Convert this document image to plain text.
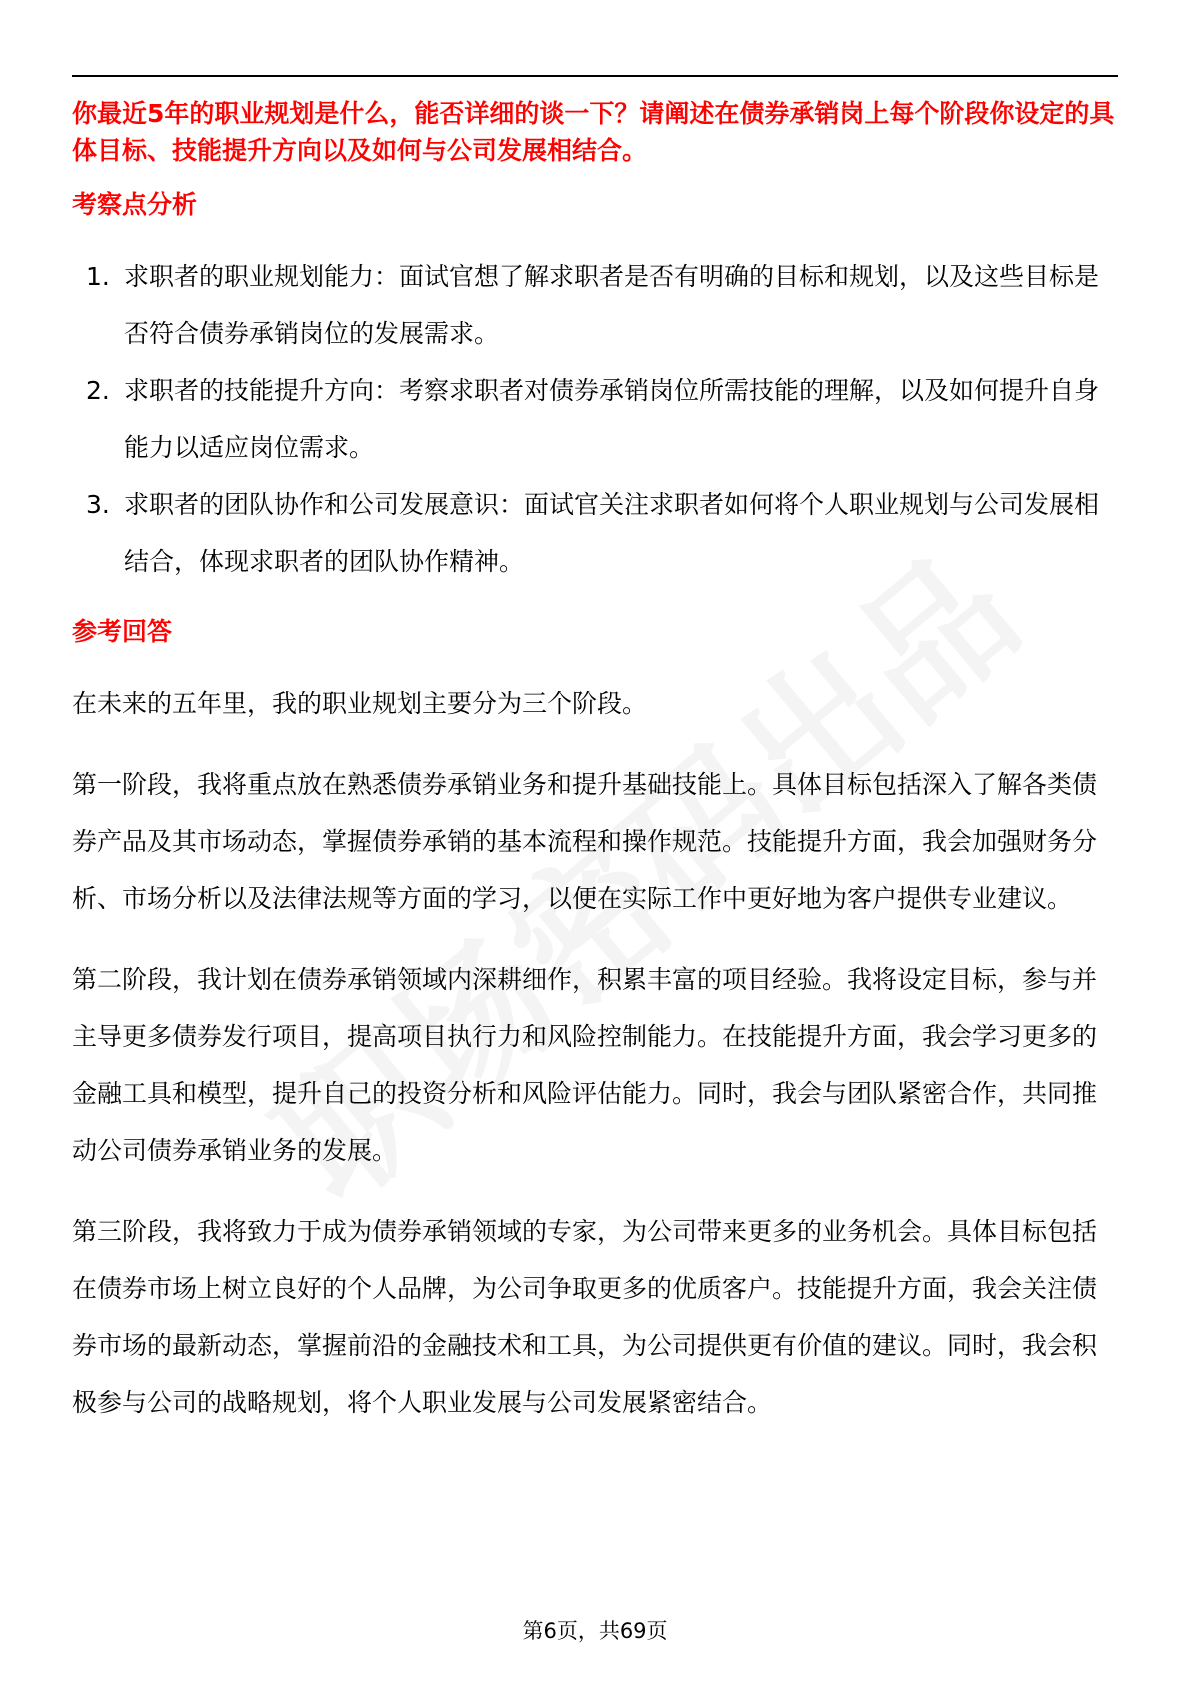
你最近5年的职业规划是什么，能否详细的谈一下？请阐述在债券承销岗上每个阶段你设定的具体目标、技能提升方向以及如何与公司发展相结合。

考察点分析

1. 求职者的职业规划能力：面试官想了解求职者是否有明确的目标和规划，以及这些目标是否符合债券承销岗位的发展需求。
2. 求职者的技能提升方向：考察求职者对债券承销岗位所需技能的理解，以及如何提升自身能力以适应岗位需求。
3. 求职者的团队协作和公司发展意识：面试官关注求职者如何将个人职业规划与公司发展相结合，体现求职者的团队协作精神。

参考回答

在未来的五年里，我的职业规划主要分为三个阶段。

第一阶段，我将重点放在熟悉债券承销业务和提升基础技能上。具体目标包括深入了解各类债券产品及其市场动态，掌握债券承销的基本流程和操作规范。技能提升方面，我会加强财务分析、市场分析以及法律法规等方面的学习，以便在实际工作中更好地为客户提供专业建议。

第二阶段，我计划在债券承销领域内深耕细作，积累丰富的项目经验。我将设定目标，参与并主导更多债券发行项目，提高项目执行力和风险控制能力。在技能提升方面，我会学习更多的金融工具和模型，提升自己的投资分析和风险评估能力。同时，我会与团队紧密合作，共同推动公司债券承销业务的发展。

第三阶段，我将致力于成为债券承销领域的专家，为公司带来更多的业务机会。具体目标包括在债券市场上树立良好的个人品牌，为公司争取更多的优质客户。技能提升方面，我会关注债券市场的最新动态，掌握前沿的金融技术和工具，为公司提供更有价值的建议。同时，我会积极参与公司的战略规划，将个人职业发展与公司发展紧密结合。

第6页，共69页
